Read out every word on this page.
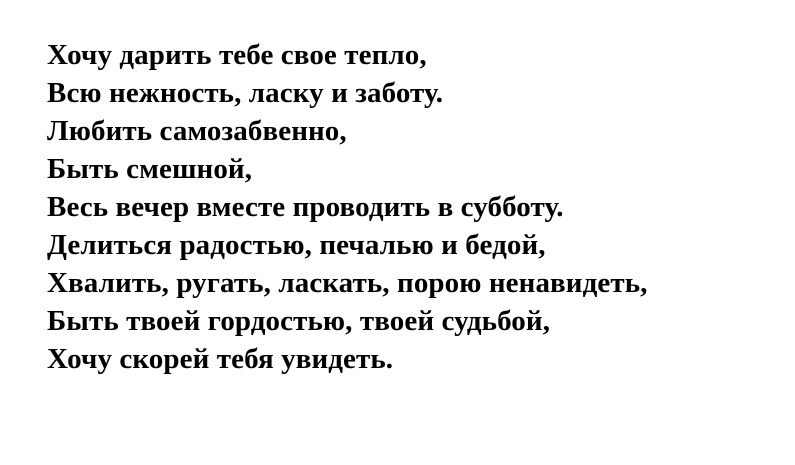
Хочу дарить тебе свое тепло,
Всю нежность, ласку и заботу.
Любить самозабвенно,
Быть смешной,
Весь вечер вместе проводить в субботу.
Делиться радостью, печалью и бедой,
Хвалить, ругать, ласкать, порою ненавидеть,
Быть твоей гордостью, твоей судьбой,
Хочу скорей тебя увидеть.
